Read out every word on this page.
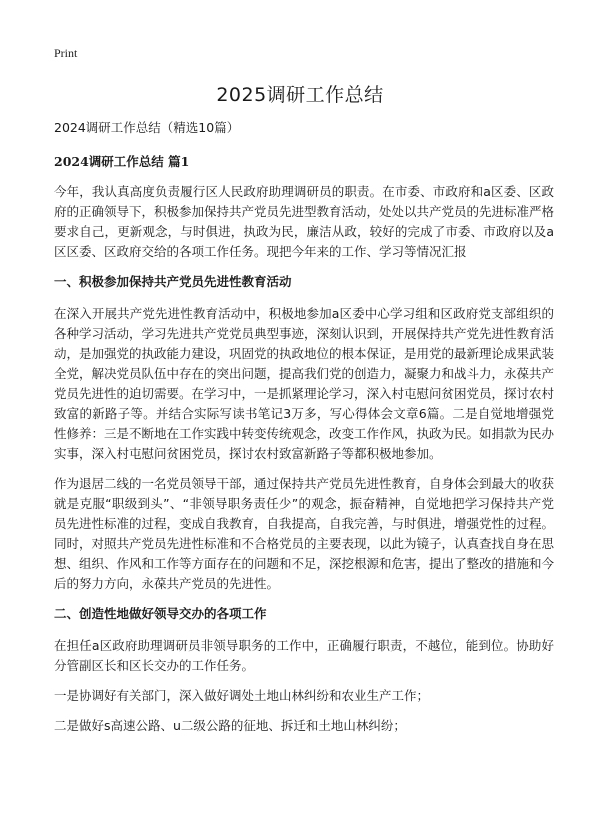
Print
2025调研工作总结

2024调研工作总结（精选10篇）

2024调研工作总结 篇1

今年，我认真高度负责履行区人民政府助理调研员的职责。在市委、市政府和a区委、区政府的正确领导下，积极参加保持共产党员先进型教育活动，处处以共产党员的先进标准严格要求自己，更新观念，与时俱进，执政为民，廉洁从政，较好的完成了市委、市政府以及a区区委、区政府交给的各项工作任务。现把今年来的工作、学习等情况汇报

一、积极参加保持共产党员先进性教育活动

在深入开展共产党先进性教育活动中，积极地参加a区委中心学习组和区政府党支部组织的各种学习活动，学习先进共产党党员典型事迹，深刻认识到，开展保持共产党先进性教育活动，是加强党的执政能力建设，巩固党的执政地位的根本保证，是用党的最新理论成果武装全党，解决党员队伍中存在的突出问题，提高我们党的创造力，凝聚力和战斗力，永葆共产党员先进性的迫切需要。在学习中，一是抓紧理论学习，深入村屯慰问贫困党员，探讨农村致富的新路子等。并结合实际写读书笔记3万多，写心得体会文章6篇。二是自觉地增强党性修养：三是不断地在工作实践中转变传统观念，改变工作作风，执政为民。如捐款为民办实事，深入村屯慰问贫困党员，探讨农村致富新路子等都积极地参加。

作为退居二线的一名党员领导干部，通过保持共产党员先进性教育，自身体会到最大的收获就是克服“职级到头”、“非领导职务责任少”的观念，振奋精神，自觉地把学习保持共产党员先进性标准的过程，变成自我教育，自我提高，自我完善，与时俱进，增强党性的过程。同时，对照共产党员先进性标准和不合格党员的主要表现，以此为镜子，认真查找自身在思想、组织、作风和工作等方面存在的问题和不足，深挖根源和危害，提出了整改的措施和今后的努力方向，永葆共产党员的先进性。

二、创造性地做好领导交办的各项工作

在担任a区政府助理调研员非领导职务的工作中，正确履行职责，不越位，能到位。协助好分管副区长和区长交办的工作任务。

一是协调好有关部门，深入做好调处土地山林纠纷和农业生产工作；

二是做好s高速公路、u二级公路的征地、拆迁和土地山林纠纷；
